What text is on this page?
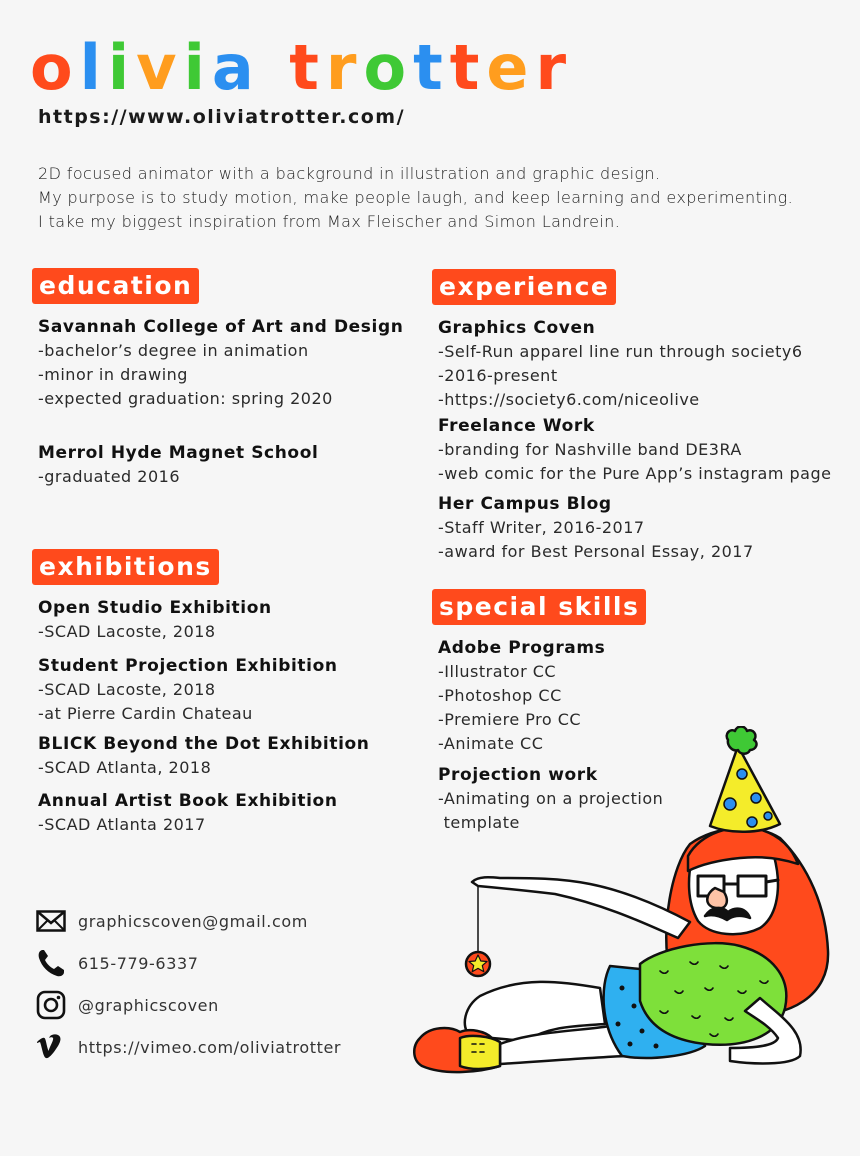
olivia trotter
https://www.oliviatrotter.com/
2D focused animator with a background in illustration and graphic design.
My purpose is to study motion, make people laugh, and keep learning and experimenting.
I take my biggest inspiration from Max Fleischer and Simon Landrein.
education
Savannah College of Art and Design
-bachelor’s degree in animation
-minor in drawing
-expected graduation: spring 2020
Merrol Hyde Magnet School
-graduated 2016
exhibitions
Open Studio Exhibition
-SCAD Lacoste, 2018
Student Projection Exhibition
-SCAD Lacoste, 2018
-at Pierre Cardin Chateau
BLICK Beyond the Dot Exhibition
-SCAD Atlanta, 2018
Annual Artist Book Exhibition
-SCAD Atlanta 2017
experience
Graphics Coven
-Self-Run apparel line run through society6
-2016-present
-https://society6.com/niceolive
Freelance Work
-branding for Nashville band DE3RA
-web comic for the Pure App’s instagram page
Her Campus Blog
-Staff Writer, 2016-2017
-award for Best Personal Essay, 2017
special skills
Adobe Programs
-Illustrator CC
-Photoshop CC
-Premiere Pro CC
-Animate CC
Projection work
-Animating on a projection
template
graphicscoven@gmail.com
615-779-6337
@graphicscoven
https://vimeo.com/oliviatrotter
